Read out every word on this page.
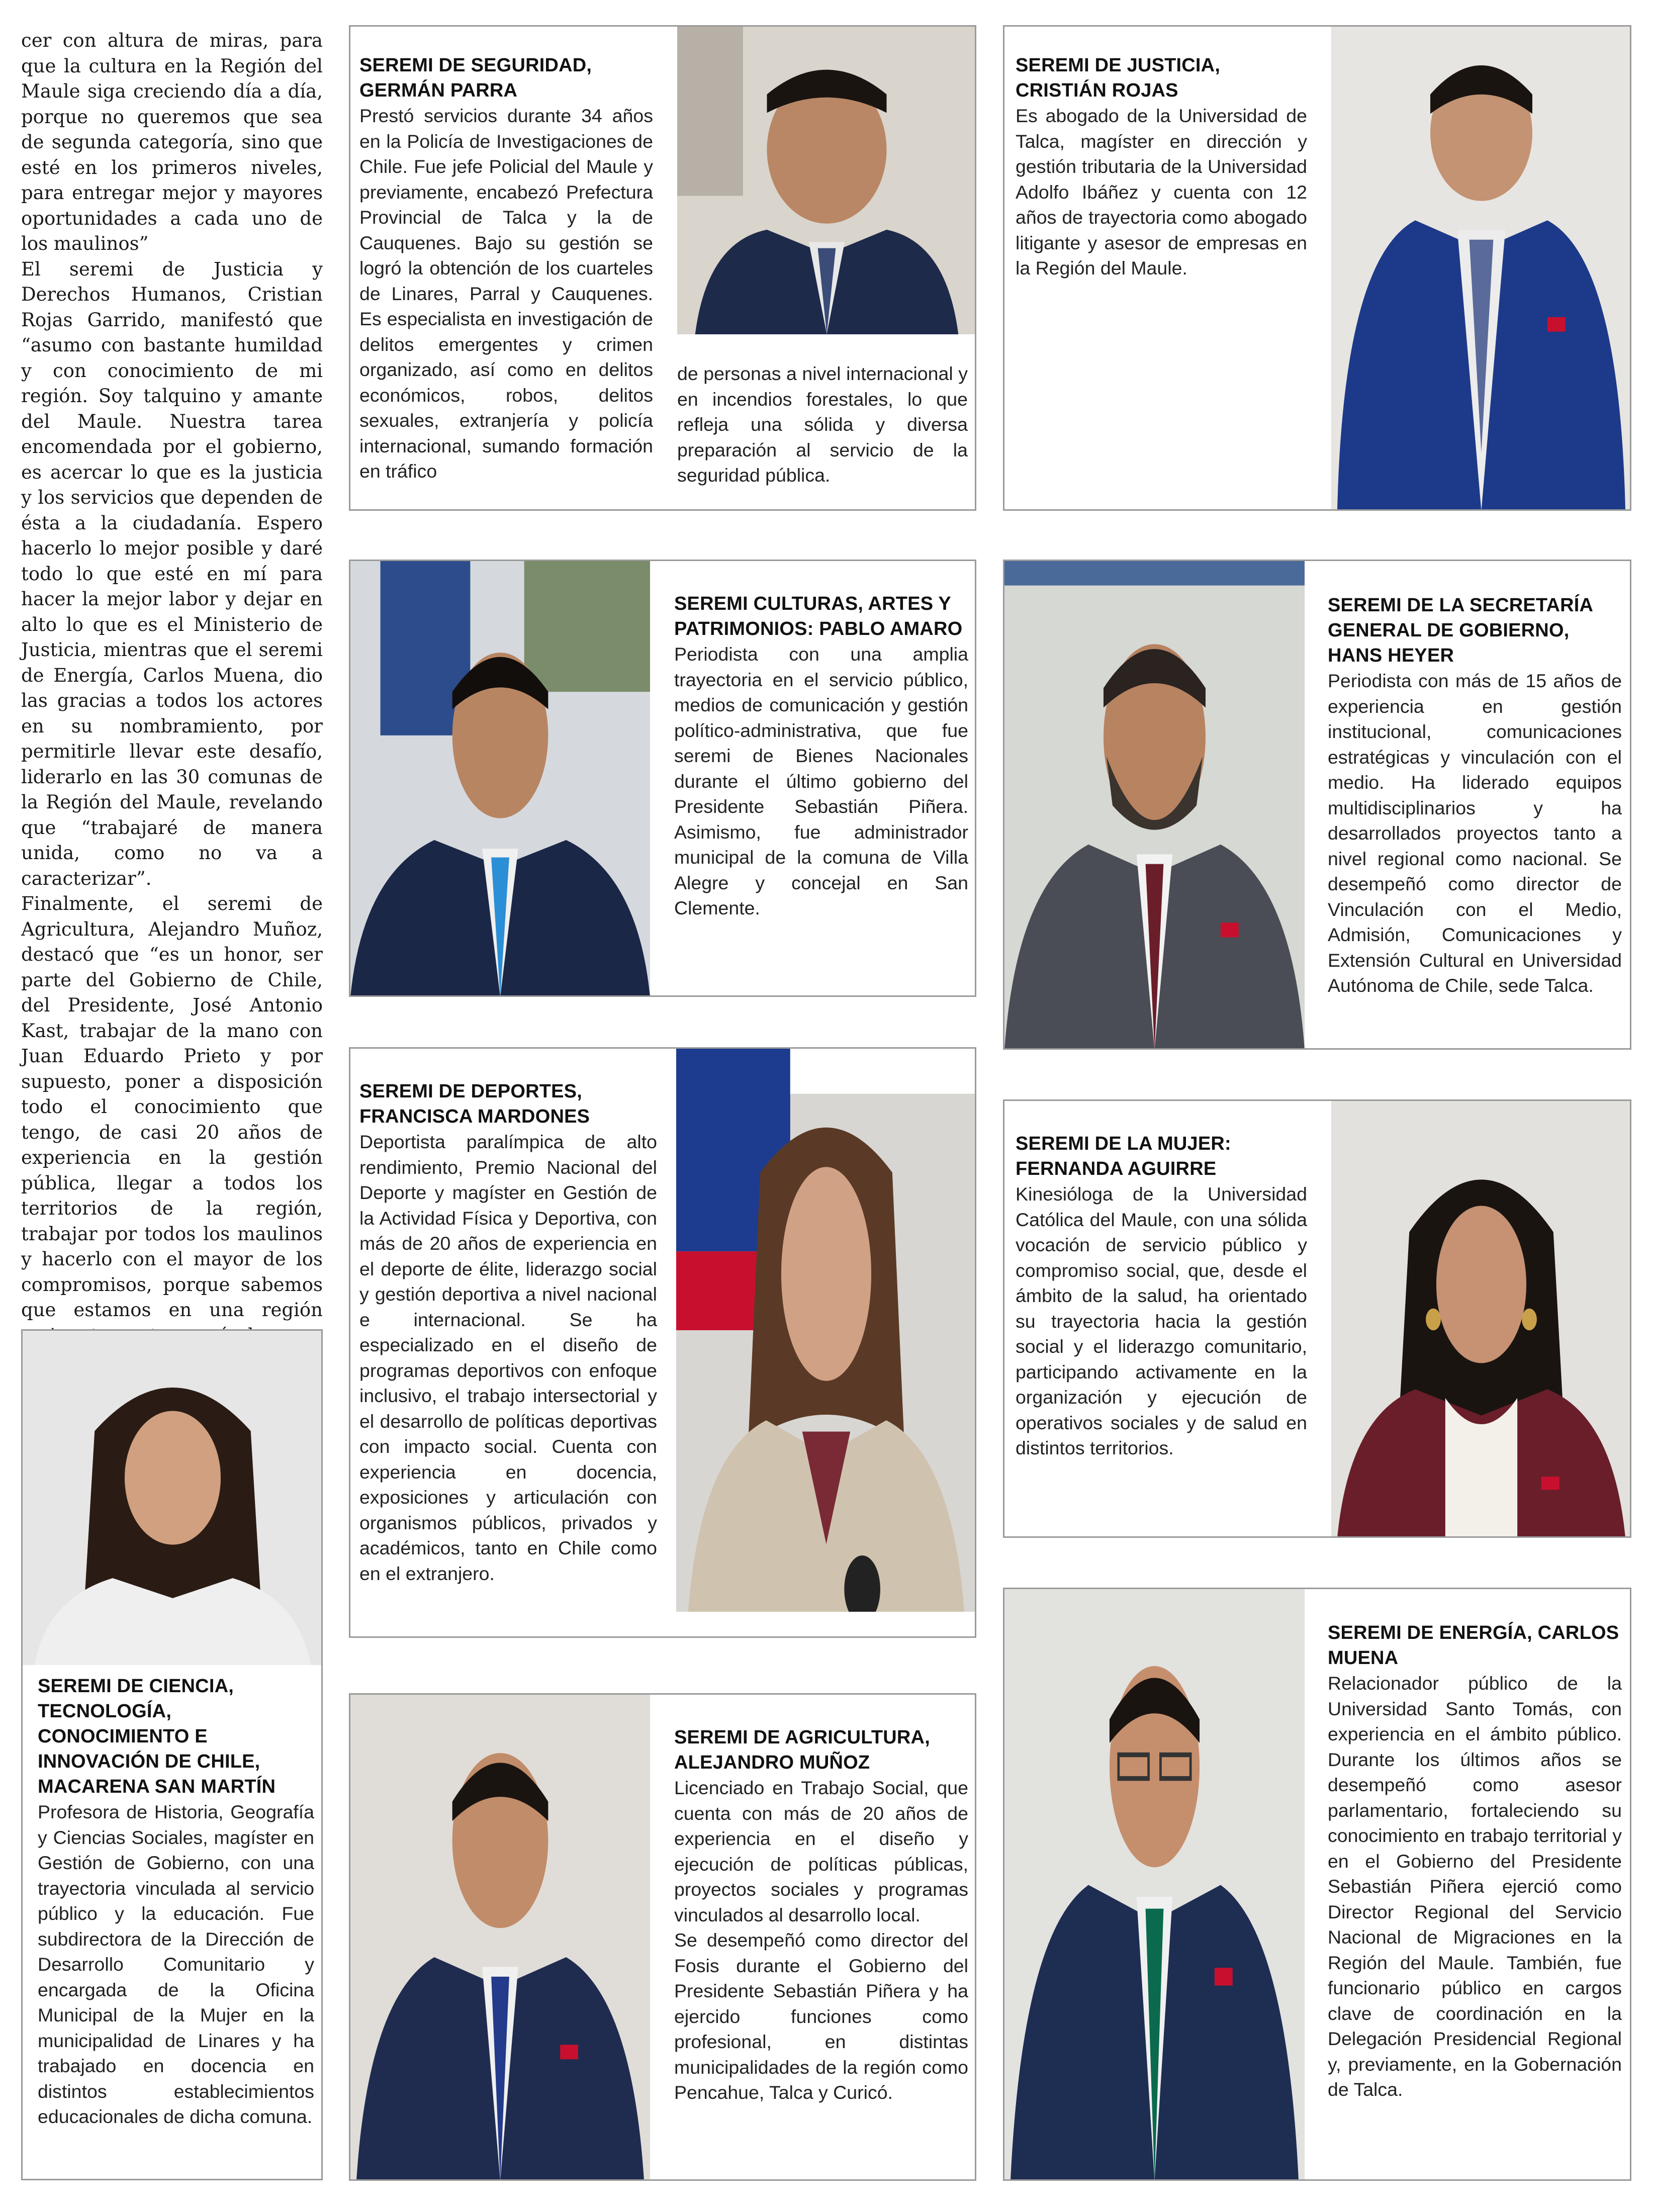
cer con altura de miras, para que la cultura en la Región del Maule siga creciendo día a día, porque no queremos que sea de segunda categoría, sino que esté en los primeros niveles, para entregar mejor y mayores oportunidades a cada uno de los maulinos”

El seremi de Justicia y Derechos Humanos, Cristian Rojas Garrido, manifestó que “asumo con bastante humildad y con conocimiento de mi región. Soy talquino y amante del Maule. Nuestra tarea encomendada por el gobierno, es acercar lo que es la justicia y los servicios que dependen de ésta a la ciudadanía. Espero hacerlo lo mejor posible y daré todo lo que esté en mí para hacer la mejor labor y dejar en alto lo que es el Ministerio de Justicia, mientras que el seremi de Energía, Carlos Muena, dio las gracias a todos los actores en su nombramiento, por permitirle llevar este desafío, liderarlo en las 30 comunas de la Región del Maule, revelando que “trabajaré de manera unida, como no va a caracterizar”.

Finalmente, el seremi de Agricultura, Alejandro Muñoz, destacó que “es un honor, ser parte del Gobierno de Chile, del Presidente, José Antonio Kast, trabajar de la mano con Juan Eduardo Prieto y por supuesto, poner a disposición todo el conocimiento que tengo, de casi 20 años de experiencia en la gestión pública, llegar a todos los territorios de la región, trabajar por todos los maulinos y hacerlo con el mayor de los compromisos, porque sabemos que estamos en una región

SEREMI DE SEGURIDAD, GERMÁN PARRA
Prestó servicios durante 34 años en la Policía de Investigaciones de Chile. Fue jefe Policial del Maule y previamente, encabezó Prefectura Provincial de Talca y la de Cauquenes. Bajo su gestión se logró la obtención de los cuarteles de Linares, Parral y Cauquenes. Es especialista en investigación de delitos emergentes y crimen organizado, así como en delitos económicos, robos, delitos sexuales, extranjería y policía internacional, sumando formación en tráfico
de personas a nivel internacional y en incendios forestales, lo que refleja una sólida y diversa preparación al servicio de la seguridad pública.
SEREMI DE JUSTICIA, CRISTIÁN ROJAS
Es abogado de la Universidad de Talca, magíster en dirección y gestión tributaria de la Universidad Adolfo Ibáñez y cuenta con 12 años de trayectoria como abogado litigante y asesor de empresas en la Región del Maule.
SEREMI CULTURAS, ARTES Y PATRIMONIOS: PABLO AMARO
Periodista con una amplia trayectoria en el servicio público, medios de comunicación y gestión político-administrativa, que fue seremi de Bienes Nacionales durante el último gobierno del Presidente Sebastián Piñera. Asimismo, fue administrador municipal de la comuna de Villa Alegre y concejal en San Clemente.
SEREMI DE LA SECRETARÍA GENERAL DE GOBIERNO, HANS HEYER
Periodista con más de 15 años de experiencia en gestión institucional, comunicaciones estratégicas y vinculación con el medio. Ha liderado equipos multidisciplinarios y ha desarrollados proyectos tanto a nivel regional como nacional. Se desempeñó como director de Vinculación con el Medio, Admisión, Comunicaciones y Extensión Cultural en Universidad Autónoma de Chile, sede Talca.
SEREMI DE DEPORTES, FRANCISCA MARDONES
Deportista paralímpica de alto rendimiento, Premio Nacional del Deporte y magíster en Gestión de la Actividad Física y Deportiva, con más de 20 años de experiencia en el deporte de élite, liderazgo social y gestión deportiva a nivel nacional e internacional. Se ha especializado en el diseño de programas deportivos con enfoque inclusivo, el trabajo intersectorial y el desarrollo de políticas deportivas con impacto social. Cuenta con experiencia en docencia, exposiciones y articulación con organismos públicos, privados y académicos, tanto en Chile como en el extranjero.
SEREMI DE LA MUJER: FERNANDA AGUIRRE
Kinesióloga de la Universidad Católica del Maule, con una sólida vocación de servicio público y compromiso social, que, desde el ámbito de la salud, ha orientado su trayectoria hacia la gestión social y el liderazgo comunitario, participando activamente en la organización y ejecución de operativos sociales y de salud en distintos territorios.
SEREMI DE CIENCIA, TECNOLOGÍA, CONOCIMIENTO E INNOVACIÓN DE CHILE, MACARENA SAN MARTÍN
Profesora de Historia, Geografía y Ciencias Sociales, magíster en Gestión de Gobierno, con una trayectoria vinculada al servicio público y la educación. Fue subdirectora de la Dirección de Desarrollo Comunitario y encargada de la Oficina Municipal de la Mujer en la municipalidad de Linares y ha trabajado en docencia en distintos establecimientos educacionales de dicha comuna.
SEREMI DE AGRICULTURA, ALEJANDRO MUÑOZ
Licenciado en Trabajo Social, que cuenta con más de 20 años de experiencia en el diseño y ejecución de políticas públicas, proyectos sociales y programas vinculados al desarrollo local.
Se desempeñó como director del Fosis durante el Gobierno del Presidente Sebastián Piñera y ha ejercido funciones como profesional, en distintas municipalidades de la región como Pencahue, Talca y Curicó.
SEREMI DE ENERGÍA, CARLOS MUENA
Relacionador público de la Universidad Santo Tomás, con experiencia en el ámbito público. Durante los últimos años se desempeñó como asesor parlamentario, fortaleciendo su conocimiento en trabajo territorial y en el Gobierno del Presidente Sebastián Piñera ejerció como Director Regional del Servicio Nacional de Migraciones en la Región del Maule. También, fue funcionario público en cargos clave de coordinación en la Delegación Presidencial Regional y, previamente, en la Gobernación de Talca.
